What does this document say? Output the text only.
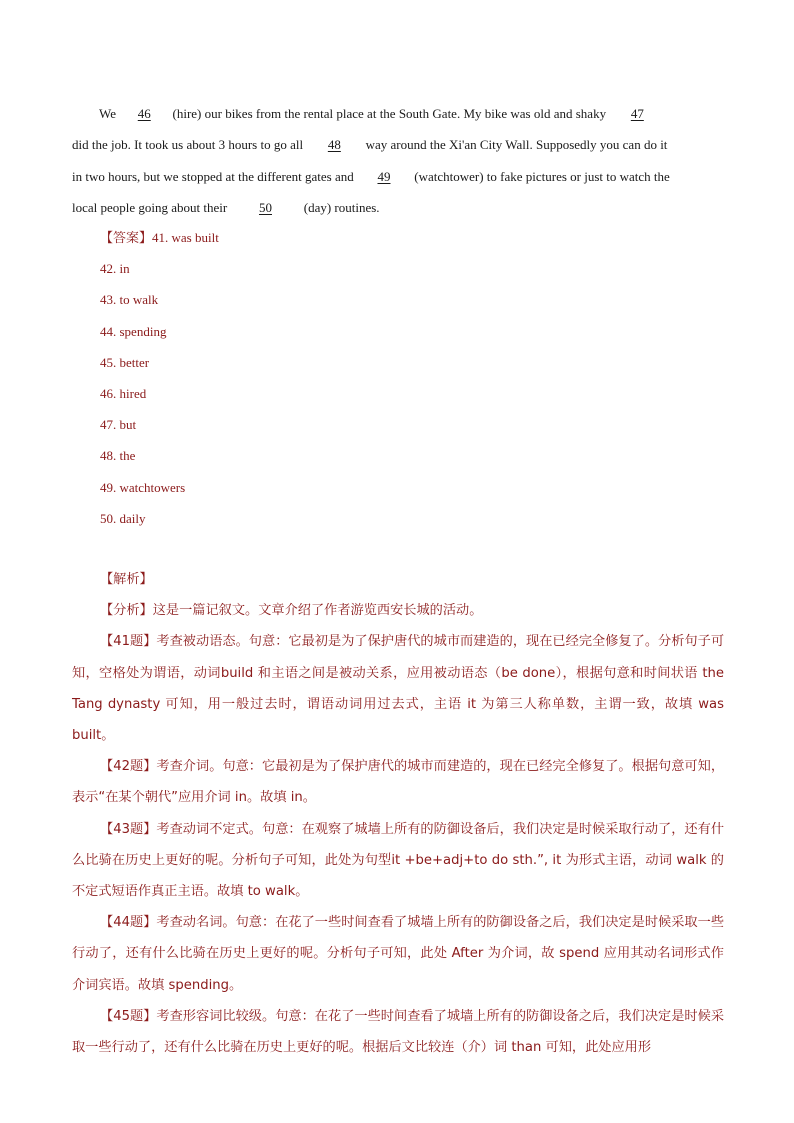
We 46 (hire) our bikes from the rental place at the South Gate. My bike was old and shaky 47
did the job. It took us about 3 hours to go all 48 way around the Xi'an City Wall. Supposedly you can do it
in two hours, but we stopped at the different gates and 49 (watchtower) to fake pictures or just to watch the
local people going about their 50 (day) routines.
【答案】41. was built
42. in
43. to walk
44. spending
45. better
46. hired
47. but
48. the
49. watchtowers
50. daily

【解析】

【分析】这是一篇记叙文。文章介绍了作者游览西安长城的活动。

【41题】考查被动语态。句意：它最初是为了保护唐代的城市而建造的，现在已经完全修复了。分析句子可知，空格处为谓语，动词build 和主语之间是被动关系，应用被动语态（be done），根据句意和时间状语 the Tang dynasty 可知，用一般过去时，谓语动词用过去式，主语 it 为第三人称单数，主谓一致，故填 was built。

【42题】考查介词。句意：它最初是为了保护唐代的城市而建造的，现在已经完全修复了。根据句意可知，表示“在某个朝代”应用介词 in。故填 in。

【43题】考查动词不定式。句意：在观察了城墙上所有的防御设备后，我们决定是时候采取行动了，还有什么比骑在历史上更好的呢。分析句子可知，此处为句型it +be+adj+to do sth.”, it 为形式主语，动词 walk 的不定式短语作真正主语。故填 to walk。

【44题】考查动名词。句意：在花了一些时间查看了城墙上所有的防御设备之后，我们决定是时候采取一些行动了，还有什么比骑在历史上更好的呢。分析句子可知，此处 After 为介词，故 spend 应用其动名词形式作介词宾语。故填 spending。

【45题】考查形容词比较级。句意：在花了一些时间查看了城墙上所有的防御设备之后，我们决定是时候采取一些行动了，还有什么比骑在历史上更好的呢。根据后文比较连（介）词 than 可知，此处应用形
